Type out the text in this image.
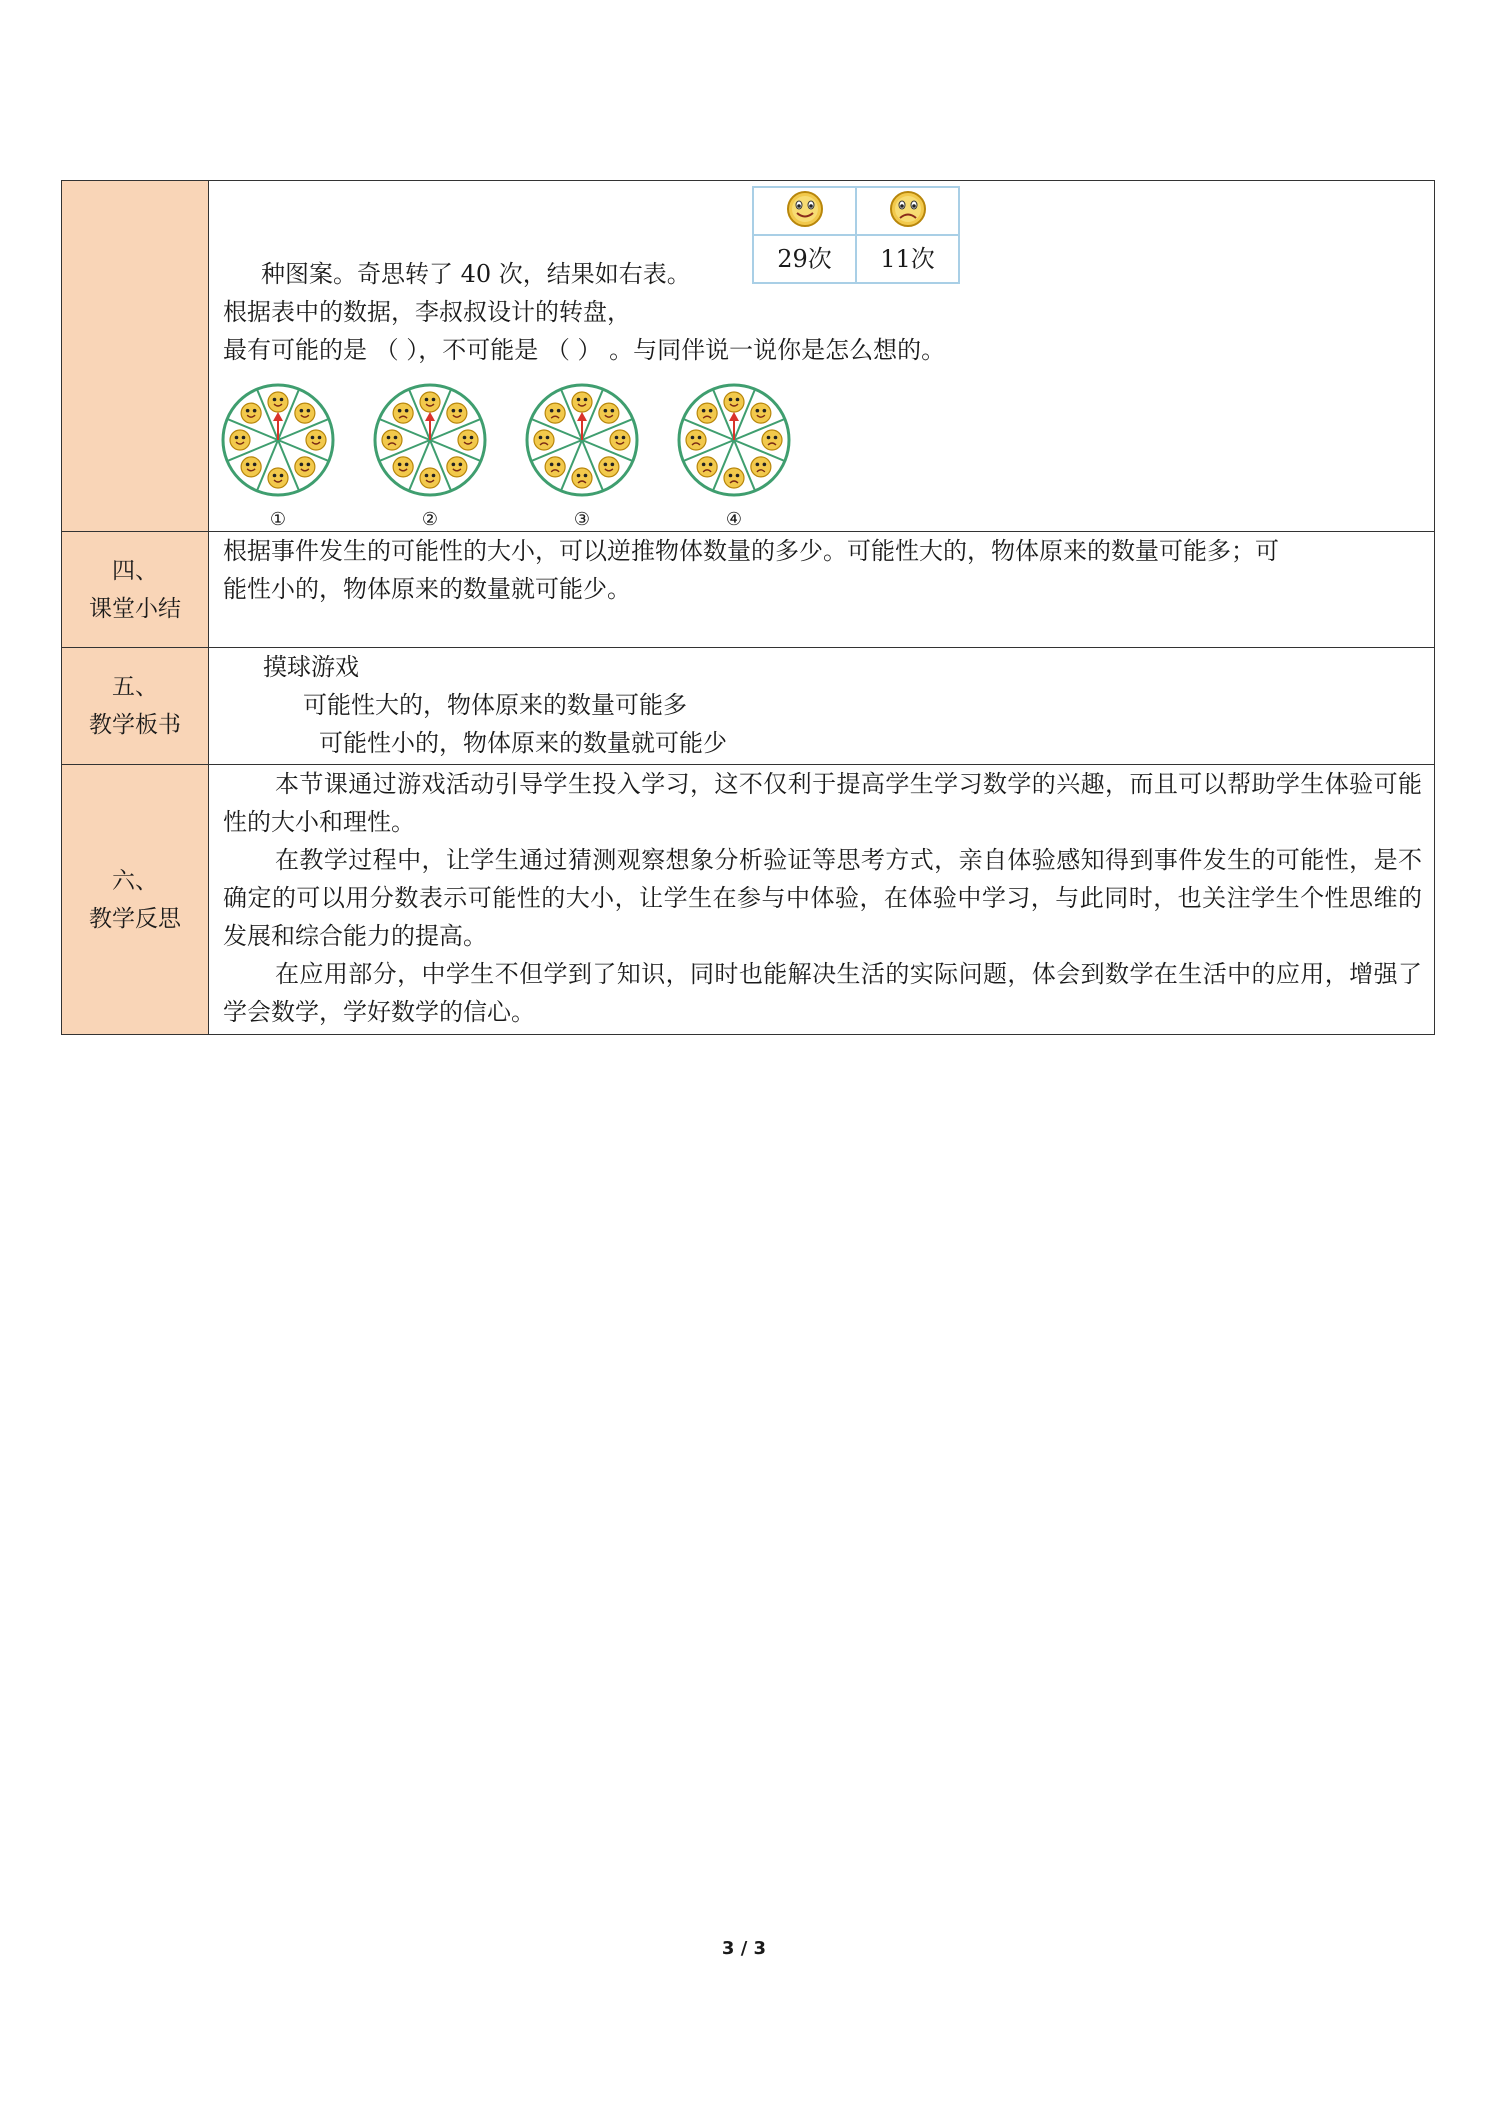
29次	11次
种图案。奇思转了 40 次，结果如右表。
根据表中的数据，李叔叔设计的转盘，
最有可能的是 （ ），不可能是 （ ） 。与同伴说一说你是怎么想的。
①	②	③	④

四、
课堂小结

根据事件发生的可能性的大小，可以逆推物体数量的多少。可能性大的，物体原来的数量可能多；可
能性小的，物体原来的数量就可能少。

五、
教学板书

摸球游戏
可能性大的，物体原来的数量可能多
可能性小的，物体原来的数量就可能少

六、
教学反思

本节课通过游戏活动引导学生投入学习，这不仅利于提高学生学习数学的兴趣，而且可以帮助学生体验可能性的大小和理性。
在教学过程中，让学生通过猜测观察想象分析验证等思考方式，亲自体验感知得到事件发生的可能性，是不确定的可以用分数表示可能性的大小，让学生在参与中体验，在体验中学习，与此同时，也关注学生个性思维的发展和综合能力的提高。
在应用部分，中学生不但学到了知识，同时也能解决生活的实际问题，体会到数学在生活中的应用，增强了学会数学，学好数学的信心。
3 / 3
